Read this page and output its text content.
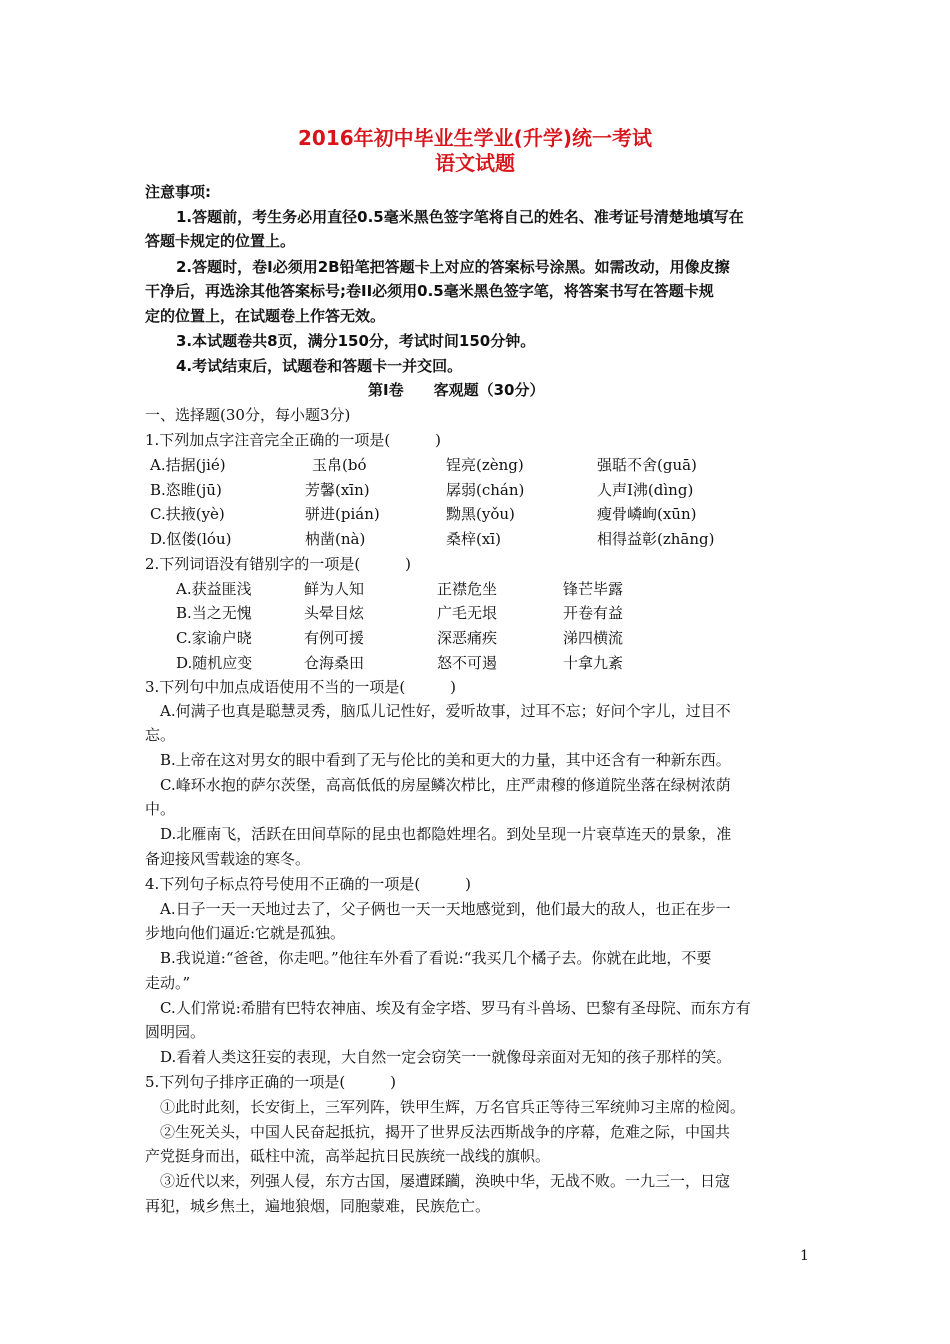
2016年初中毕业生学业(升学)统一考试
语文试题
注意事项:
1.答题前，考生务必用直径0.5毫米黑色签字笔将自己的姓名、准考证号清楚地填写在
答题卡规定的位置上。
2.答题时，卷I必须用2B铅笔把答题卡上对应的答案标号涂黑。如需改动，用像皮擦
干净后，再选涂其他答案标号;卷II必须用0.5毫米黑色签字笔，将答案书写在答题卡规
定的位置上，在试题卷上作答无效。
3.本试题卷共8页，满分150分，考试时间150分钟。
4.考试结束后，试题卷和答题卡一并交回。
第I卷　　客观题（30分）
一、选择题(30分，每小题3分)
1.下列加点字注音完全正确的一项是(　　　)
A.拮据(jié)	玉帛(bó	锃亮(zèng)	强聒不舍(guā)
B.恣睢(jū)	芳馨(xīn)	孱弱(chán)	人声Ⅰ沸(dìng)
C.扶掖(yè)	骈进(pián)	黝黑(yǒu)	瘦骨嶙峋(xūn)
D.伛偻(lóu)	枘凿(nà)	桑梓(xī)	相得益彰(zhāng)
2.下列词语没有错别字的一项是(　　　)
A.获益匪浅	鲜为人知	正襟危坐	锋芒毕露
B.当之无愧	头晕目炫	广毛无垠	开卷有益
C.家谕户晓	有例可援	深恶痛疾	涕四横流
D.随机应变	仓海桑田	怒不可遏	十拿九紊
3.下列句中加点成语使用不当的一项是(　　　)
A.何满子也真是聪慧灵秀，脑瓜儿记性好，爱听故事，过耳不忘；好问个字儿，过目不
忘。
B.上帝在这对男女的眼中看到了无与伦比的美和更大的力量，其中还含有一种新东西。
C.峰环水抱的萨尔茨堡，高高低低的房屋鳞次栉比，庄严肃穆的修道院坐落在绿树浓荫
中。
D.北雁南飞，活跃在田间草际的昆虫也都隐姓埋名。到处呈现一片衰草连天的景象，准
备迎接风雪载途的寒冬。
4.下列句子标点符号使用不正确的一项是(　　　)
A.日子一天一天地过去了，父子俩也一天一天地感觉到，他们最大的敌人，也正在步一
步地向他们逼近:它就是孤独。
B.我说道:“爸爸，你走吧。”他往车外看了看说:“我买几个橘子去。你就在此地，不要
走动。”
C.人们常说:希腊有巴特农神庙、埃及有金字塔、罗马有斗兽场、巴黎有圣母院、而东方有
圆明园。
D.看着人类这狂妄的表现，大自然一定会窃笑一一就像母亲面对无知的孩子那样的笑。
5.下列句子排序正确的一项是(　　　)
①此时此刻，长安街上，三军列阵，铁甲生辉，万名官兵正等待三军统帅习主席的检阅。
②生死关头，中国人民奋起抵抗，揭开了世界反法西斯战争的序幕，危难之际，中国共
产党挺身而出，砥柱中流，高举起抗日民族统一战线的旗帜。
③近代以来，列强人侵，东方古国，屡遭蹂躏，涣映中华，无战不败。一九三一，日寇
再犯，城乡焦土，遍地狼烟，同胞蒙难，民族危亡。
1
